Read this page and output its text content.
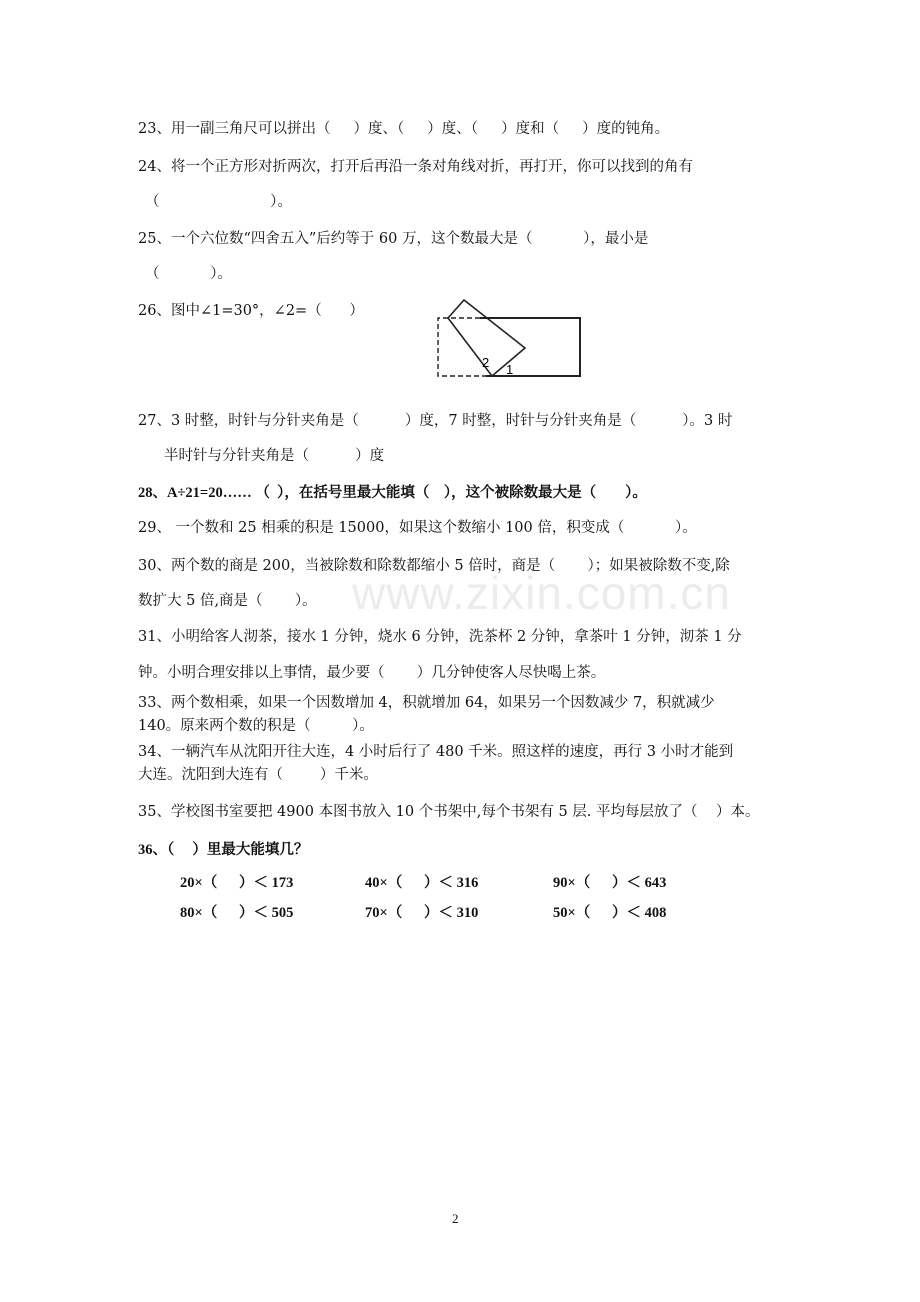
23、用一副三角尺可以拼出（     ）度、（     ）度、（     ）度和（     ）度的钝角。
24、将一个正方形对折两次，打开后再沿一条对角线对折，再打开，你可以找到的角有
（                        ）。
25、一个六位数“四舍五入”后约等于 60 万，这个数最大是（           ），最小是
（           ）。
26、图中∠1=30°，∠2=（      ）
2 1
27、3 时整，时针与分针夹角是（          ）度，7 时整，时针与分针夹角是（          ）。3 时
半时针与分针夹角是（          ）度
28、A÷21=20…… （  ），在括号里最大能填（    ），这个被除数最大是（        ）。
29、 一个数和 25 相乘的积是 15000，如果这个数缩小 100 倍，积变成（           ）。
30、两个数的商是 200，当被除数和除数都缩小 5 倍时，商是（       ）；如果被除数不变,除
数扩大 5 倍,商是（       ）。
31、小明给客人沏茶，接水 1 分钟，烧水 6 分钟，洗茶杯 2 分钟，拿茶叶 1 分钟，沏茶 1 分
钟。小明合理安排以上事情，最少要（       ）几分钟使客人尽快喝上茶。
33、两个数相乘，如果一个因数增加 4，积就增加 64，如果另一个因数减少 7，积就减少
140。原来两个数的积是（         ）。
34、一辆汽车从沈阳开往大连，4 小时后行了 480 千米。照这样的速度，再行 3 小时才能到
大连。沈阳到大连有（        ）千米。
35、学校图书室要把 4900 本图书放入 10 个书架中,每个书架有 5 层. 平均每层放了（    ）本。
36、（     ）里最大能填几？
20×（      ）＜ 173	40×（      ）＜ 316	90×（      ）＜ 643
80×（      ）＜ 505	70×（      ）＜ 310	50×（      ）＜ 408
www.zixin.com.cn
2
